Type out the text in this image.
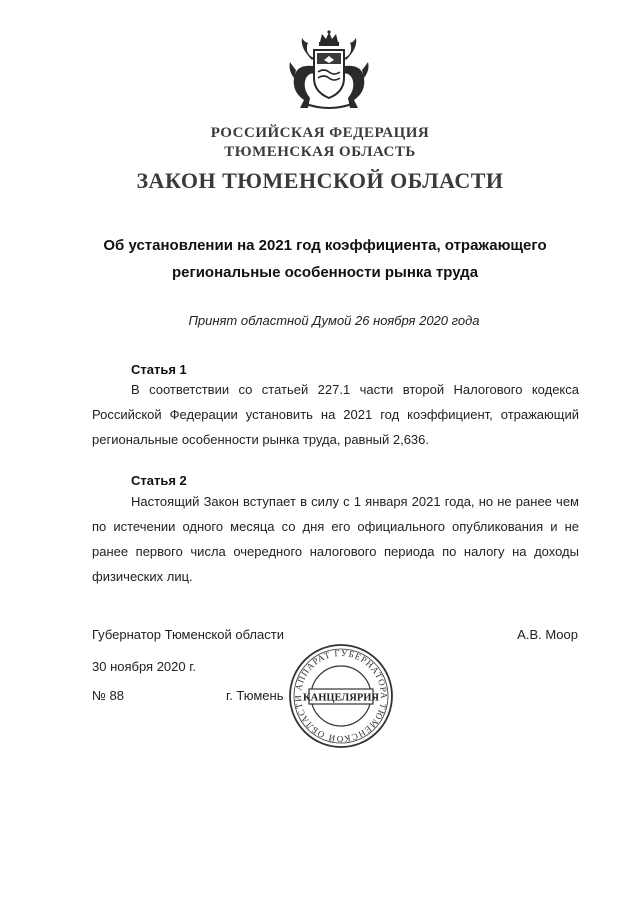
РОССИЙСКАЯ ФЕДЕРАЦИЯ
ТЮМЕНСКАЯ ОБЛАСТЬ
ЗАКОН ТЮМЕНСКОЙ ОБЛАСТИ
Об установлении на 2021 год коэффициента, отражающего
региональные особенности рынка труда
Принят областной Думой 26 ноября 2020 года
Статья 1
В соответствии со статьей 227.1 части второй Налогового кодекса Российской Федерации установить на 2021 год коэффициент, отражающий региональные особенности рынка труда, равный 2,636.
Статья 2
Настоящий Закон вступает в силу с 1 января 2021 года, но не ранее чем по истечении одного месяца со дня его официального опубликования и не ранее первого числа очередного налогового периода по налогу на доходы физических лиц.
Губернатор Тюменской области	А.В. Моор
30 ноября 2020 г.
№ 88	г. Тюмень
АППАРАТ ГУБЕРНАТОРА ТЮМЕНСКОЙ ОБЛАСТИ КАНЦЕЛЯРИЯ
